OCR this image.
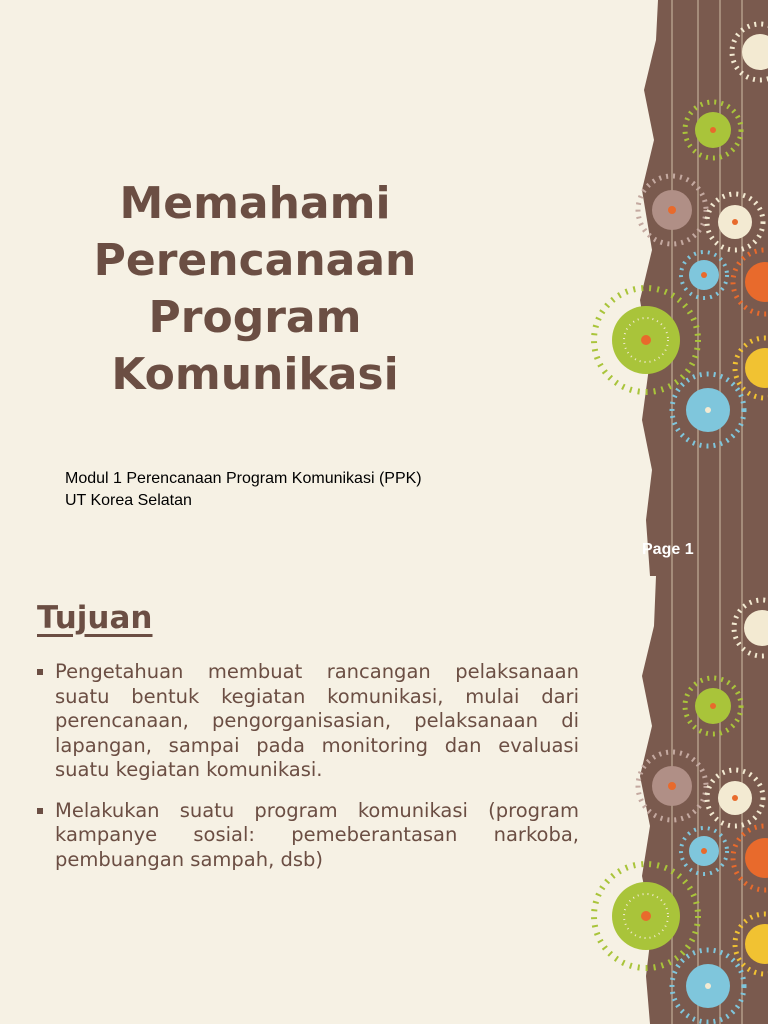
Memahami
Perencanaan
Program
Komunikasi
Modul 1 Perencanaan Program Komunikasi (PPK)
UT Korea Selatan
Page 1
Tujuan
Pengetahuan membuat rancangan pelaksanaan suatu bentuk kegiatan komunikasi, mulai dari perencanaan, pengorganisasian, pelaksanaan di lapangan, sampai pada monitoring dan evaluasi suatu kegiatan komunikasi.
Melakukan suatu program komunikasi (program kampanye sosial: pemeberantasan narkoba, pembuangan sampah, dsb)
